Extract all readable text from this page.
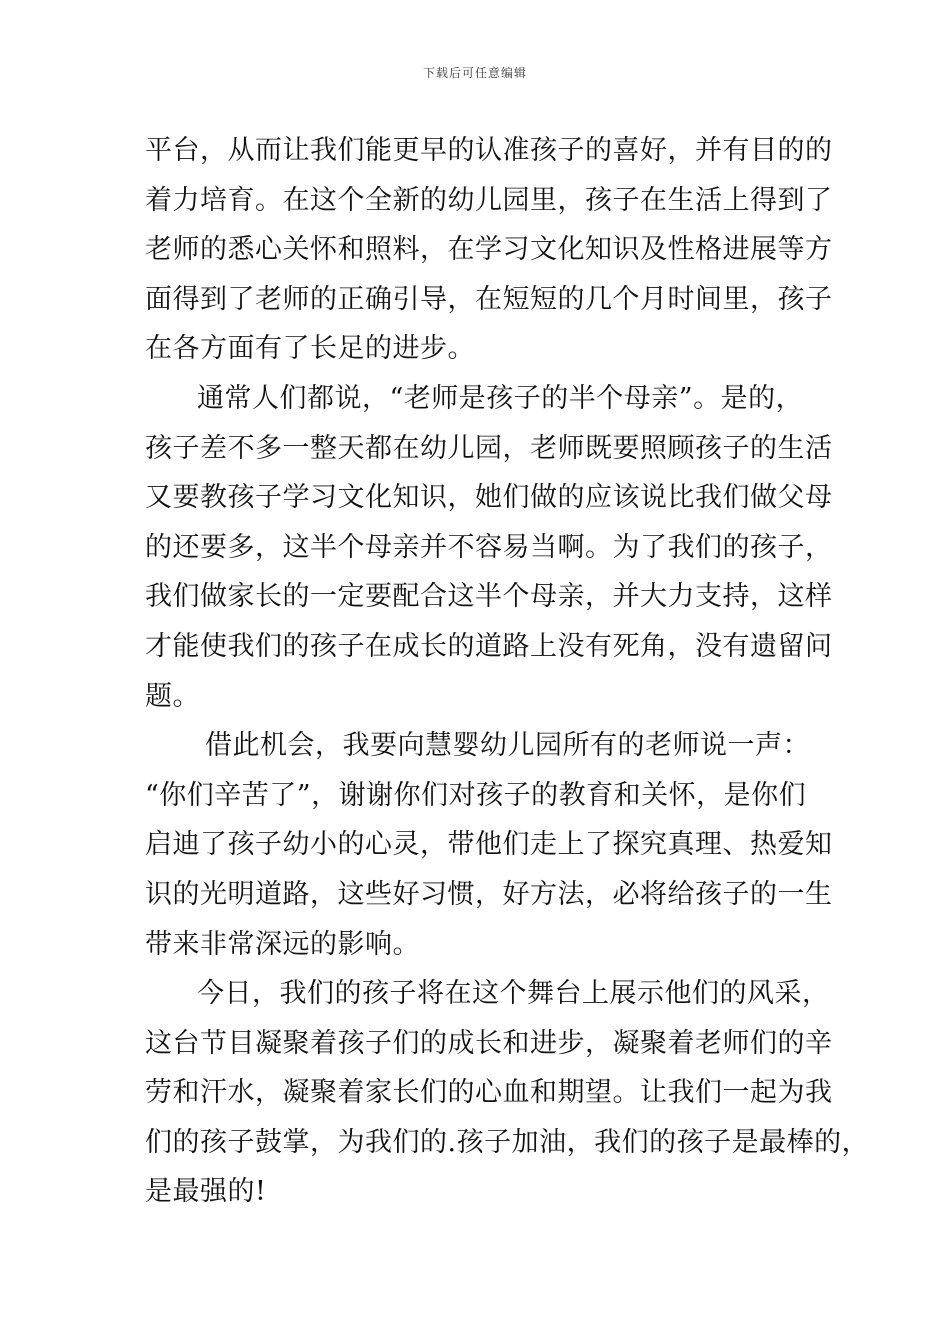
下载后可任意编辑
平台，从而让我们能更早的认准孩子的喜好，并有目的的
着力培育。在这个全新的幼儿园里，孩子在生活上得到了
老师的悉心关怀和照料，在学习文化知识及性格进展等方
面得到了老师的正确引导，在短短的几个月时间里，孩子
在各方面有了长足的进步。
通常人们都说，“老师是孩子的半个母亲”。是的，
孩子差不多一整天都在幼儿园，老师既要照顾孩子的生活
又要教孩子学习文化知识，她们做的应该说比我们做父母
的还要多，这半个母亲并不容易当啊。为了我们的孩子，
我们做家长的一定要配合这半个母亲，并大力支持，这样
才能使我们的孩子在成长的道路上没有死角，没有遗留问
题。
借此机会，我要向慧婴幼儿园所有的老师说一声：
“你们辛苦了”，谢谢你们对孩子的教育和关怀，是你们
启迪了孩子幼小的心灵，带他们走上了探究真理、热爱知
识的光明道路，这些好习惯，好方法，必将给孩子的一生
带来非常深远的影响。
今日，我们的孩子将在这个舞台上展示他们的风采，
这台节目凝聚着孩子们的成长和进步，凝聚着老师们的辛
劳和汗水，凝聚着家长们的心血和期望。让我们一起为我
们的孩子鼓掌，为我们的.孩子加油，我们的孩子是最棒的，
是最强的!
